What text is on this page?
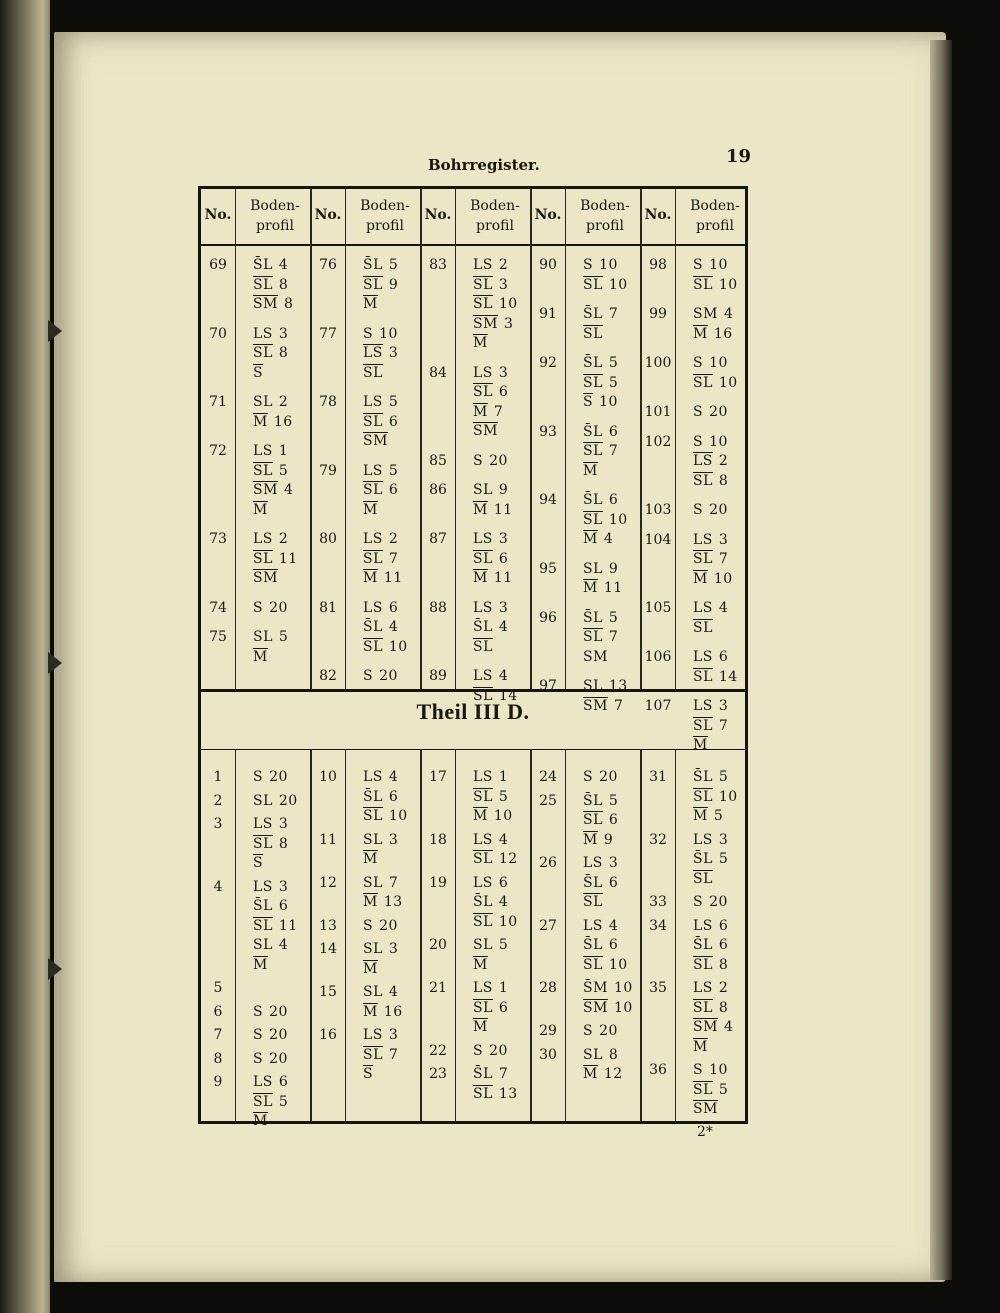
Bohrregister.	19
2*
Theil III D.
No.
Boden-
profil
No.
Boden-
profil
No.
Boden-
profil
No.
Boden-
profil
No.
Boden-
profil
69	S̄L 4
$\overline{SL}$ 8
$\overline{SM}$ 8
70	LS 3
$\overline{SL}$ 8
$\overline{S}$
71	SL 2
$\overline{M}$ 16
72	LS 1
$\overline{SL}$ 5
$\overline{SM}$ 4
$\overline{M}$
73	LS 2
$\overline{SL}$ 11
$\overline{SM}$
74	S 20
75	SL 5
$\overline{M}$
76	S̄L 5
$\overline{SL}$ 9
$\overline{M}$
77	S 10
$\overline{LS}$ 3
$\overline{SL}$
78	LS 5
$\overline{SL}$ 6
$\overline{SM}$
79	LS 5
$\overline{SL}$ 6
$\overline{M}$
80	LS 2
$\overline{SL}$ 7
$\overline{M}$ 11
81	LS 6
S̄L 4
$\overline{SL}$ 10
82	S 20
83	LS 2
$\overline{SL}$ 3
$\overline{SL}$ 10
$\overline{SM}$ 3
$\overline{M}$
84	LS 3
$\overline{SL}$ 6
$\overline{M}$ 7
$\overline{SM}$
85	S 20
86	SL 9
$\overline{M}$ 11
87	LS 3
$\overline{SL}$ 6
$\overline{M}$ 11
88	LS 3
S̄L 4
$\overline{SL}$
89	LS 4
$\overline{SL}$ 14
90	S 10
$\overline{SL}$ 10
91	S̄L 7
$\overline{SL}$
92	S̄L 5
$\overline{SL}$ 5
$\overline{S}$ 10
93	S̄L 6
$\overline{SL}$ 7
$\overline{M}$
94	S̄L 6
$\overline{SL}$ 10
$\overline{M}$ 4
95	SL 9
$\overline{M}$ 11
96	S̄L 5
$\overline{SL}$ 7
SM
97	SL 13
$\overline{SM}$ 7
98	S 10
$\overline{SL}$ 10
99	SM 4
$\overline{M}$ 16
100 S 10
$\overline{SL}$ 10
101 S 20
102 S 10
$\overline{LS}$ 2
$\overline{SL}$ 8
103 S 20
104 LS 3
$\overline{SL}$ 7
$\overline{M}$ 10
105 LS 4
$\overline{SL}$
106 LS 6
$\overline{SL}$ 14
107 LS 3
$\overline{SL}$ 7
$\overline{M}$
1	S 20
2	SL 20
3	LS 3
$\overline{SL}$ 8
$\overline{S}$
4	LS 3
S̄L 6
$\overline{SL}$ 11
SL 4
$\overline{M}$
5
6	S 20
7	S 20
8	S 20
9	LS 6
$\overline{SL}$ 5
$\overline{M}$
10	LS 4
S̄L 6
$\overline{SL}$ 10
11	SL 3
$\overline{M}$
12	SL 7
$\overline{M}$ 13
13	S 20
14	SL 3
$\overline{M}$
15	SL 4
$\overline{M}$ 16
16	LS 3
$\overline{SL}$ 7
$\overline{S}$
17	LS 1
$\overline{SL}$ 5
$\overline{M}$ 10
18	LS 4
$\overline{SL}$ 12
19	LS 6
S̄L 4
$\overline{SL}$ 10
20	SL 5
$\overline{M}$
21	LS 1
$\overline{SL}$ 6
$\overline{M}$
22	S 20
23	S̄L 7
$\overline{SL}$ 13
24	S 20
25	S̄L 5
$\overline{SL}$ 6
$\overline{M}$ 9
26	LS 3
S̄L 6
$\overline{SL}$
27	LS 4
S̄L 6
$\overline{SL}$ 10
28	S̄M 10
$\overline{SM}$ 10
29	S 20
30	SL 8
$\overline{M}$ 12
31	S̄L 5
$\overline{SL}$ 10
$\overline{M}$ 5
32	LS 3
S̄L 5
$\overline{SL}$
33	S 20
34	LS 6
S̄L 6
$\overline{SL}$ 8
35	LS 2
$\overline{SL}$ 8
$\overline{SM}$ 4
$\overline{M}$
36	S 10
$\overline{SL}$ 5
$\overline{SM}$
